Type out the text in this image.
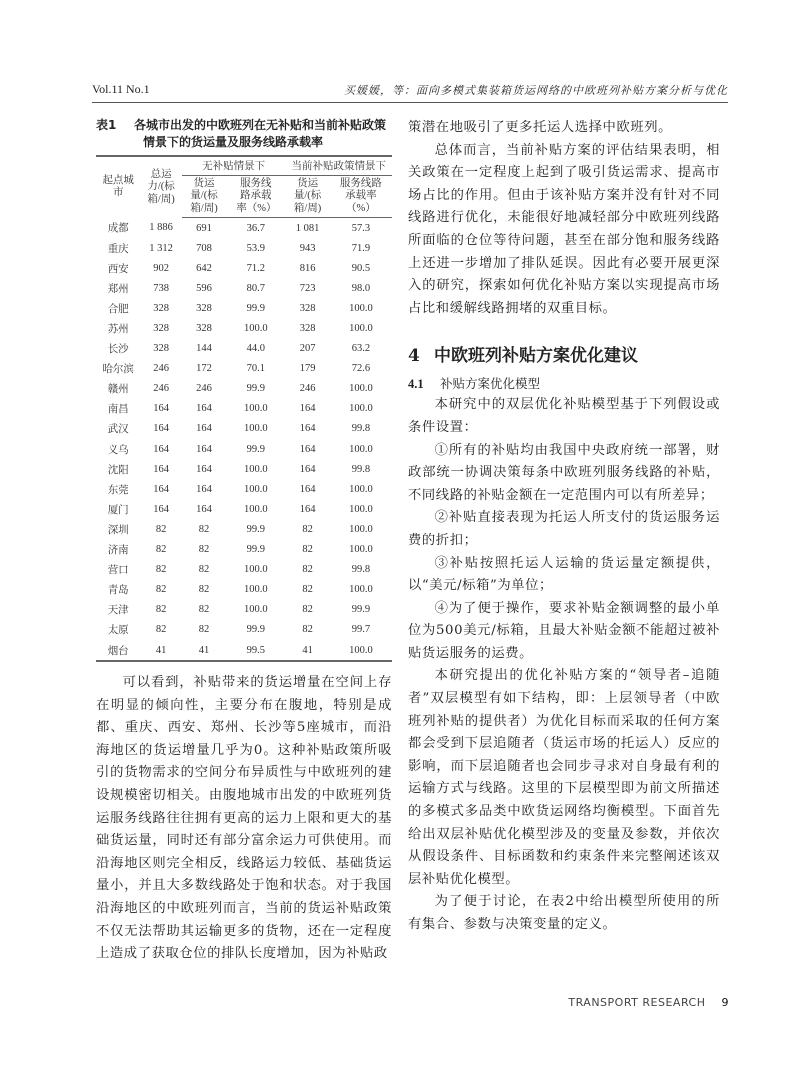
Vol.11 No.1	买媛媛，等：面向多模式集装箱货运网络的中欧班列补贴方案分析与优化
表1 各城市出发的中欧班列在无补贴和当前补贴政策
情景下的货运量及服务线路承载率
起点城市	总运力/(标箱/周)	无补贴情景下		当前补贴政策情景下	
		货运量/(标箱/周)	服务线路承载率（%）	货运量/(标箱/周)	服务线路承载率（%）
成都	1 886	691	36.7	1 081	57.3
重庆	1 312	708	53.9	943	71.9
西安	902	642	71.2	816	90.5
郑州	738	596	80.7	723	98.0
合肥	328	328	99.9	328	100.0
苏州	328	328	100.0	328	100.0
长沙	328	144	44.0	207	63.2
哈尔滨	246	172	70.1	179	72.6
赣州	246	246	99.9	246	100.0
南昌	164	164	100.0	164	100.0
武汉	164	164	100.0	164	99.8
义乌	164	164	99.9	164	100.0
沈阳	164	164	100.0	164	99.8
东莞	164	164	100.0	164	100.0
厦门	164	164	100.0	164	100.0
深圳	82	82	99.9	82	100.0
济南	82	82	99.9	82	100.0
营口	82	82	100.0	82	99.8
青岛	82	82	100.0	82	100.0
天津	82	82	100.0	82	99.9
太原	82	82	99.9	82	99.7
烟台	41	41	99.5	41	100.0

可以看到，补贴带来的货运增量在空间上存在明显的倾向性，主要分布在腹地，特别是成都、重庆、西安、郑州、长沙等5座城市，而沿海地区的货运增量几乎为0。这种补贴政策所吸引的货物需求的空间分布异质性与中欧班列的建设规模密切相关。由腹地城市出发的中欧班列货运服务线路往往拥有更高的运力上限和更大的基础货运量，同时还有部分富余运力可供使用。而沿海地区则完全相反，线路运力较低、基础货运量小，并且大多数线路处于饱和状态。对于我国沿海地区的中欧班列而言，当前的货运补贴政策不仅无法帮助其运输更多的货物，还在一定程度上造成了获取仓位的排队长度增加，因为补贴政

策潜在地吸引了更多托运人选择中欧班列。

总体而言，当前补贴方案的评估结果表明，相关政策在一定程度上起到了吸引货运需求、提高市场占比的作用。但由于该补贴方案并没有针对不同线路进行优化，未能很好地减轻部分中欧班列线路所面临的仓位等待问题，甚至在部分饱和服务线路上还进一步增加了排队延误。因此有必要开展更深入的研究，探索如何优化补贴方案以实现提高市场占比和缓解线路拥堵的双重目标。

4 中欧班列补贴方案优化建议
4.1 补贴方案优化模型

本研究中的双层优化补贴模型基于下列假设或条件设置：

①所有的补贴均由我国中央政府统一部署，财政部统一协调决策每条中欧班列服务线路的补贴，不同线路的补贴金额在一定范围内可以有所差异；

②补贴直接表现为托运人所支付的货运服务运费的折扣；

③补贴按照托运人运输的货运量定额提供，以“美元/标箱”为单位；

④为了便于操作，要求补贴金额调整的最小单位为500美元/标箱，且最大补贴金额不能超过被补贴货运服务的运费。

本研究提出的优化补贴方案的“领导者–追随者”双层模型有如下结构，即：上层领导者（中欧班列补贴的提供者）为优化目标而采取的任何方案都会受到下层追随者（货运市场的托运人）反应的影响，而下层追随者也会同步寻求对自身最有利的运输方式与线路。这里的下层模型即为前文所描述的多模式多品类中欧货运网络均衡模型。下面首先给出双层补贴优化模型涉及的变量及参数，并依次从假设条件、目标函数和约束条件来完整阐述该双层补贴优化模型。

为了便于讨论，在表2中给出模型所使用的所有集合、参数与决策变量的定义。

TRANSPORT RESEARCH 9
